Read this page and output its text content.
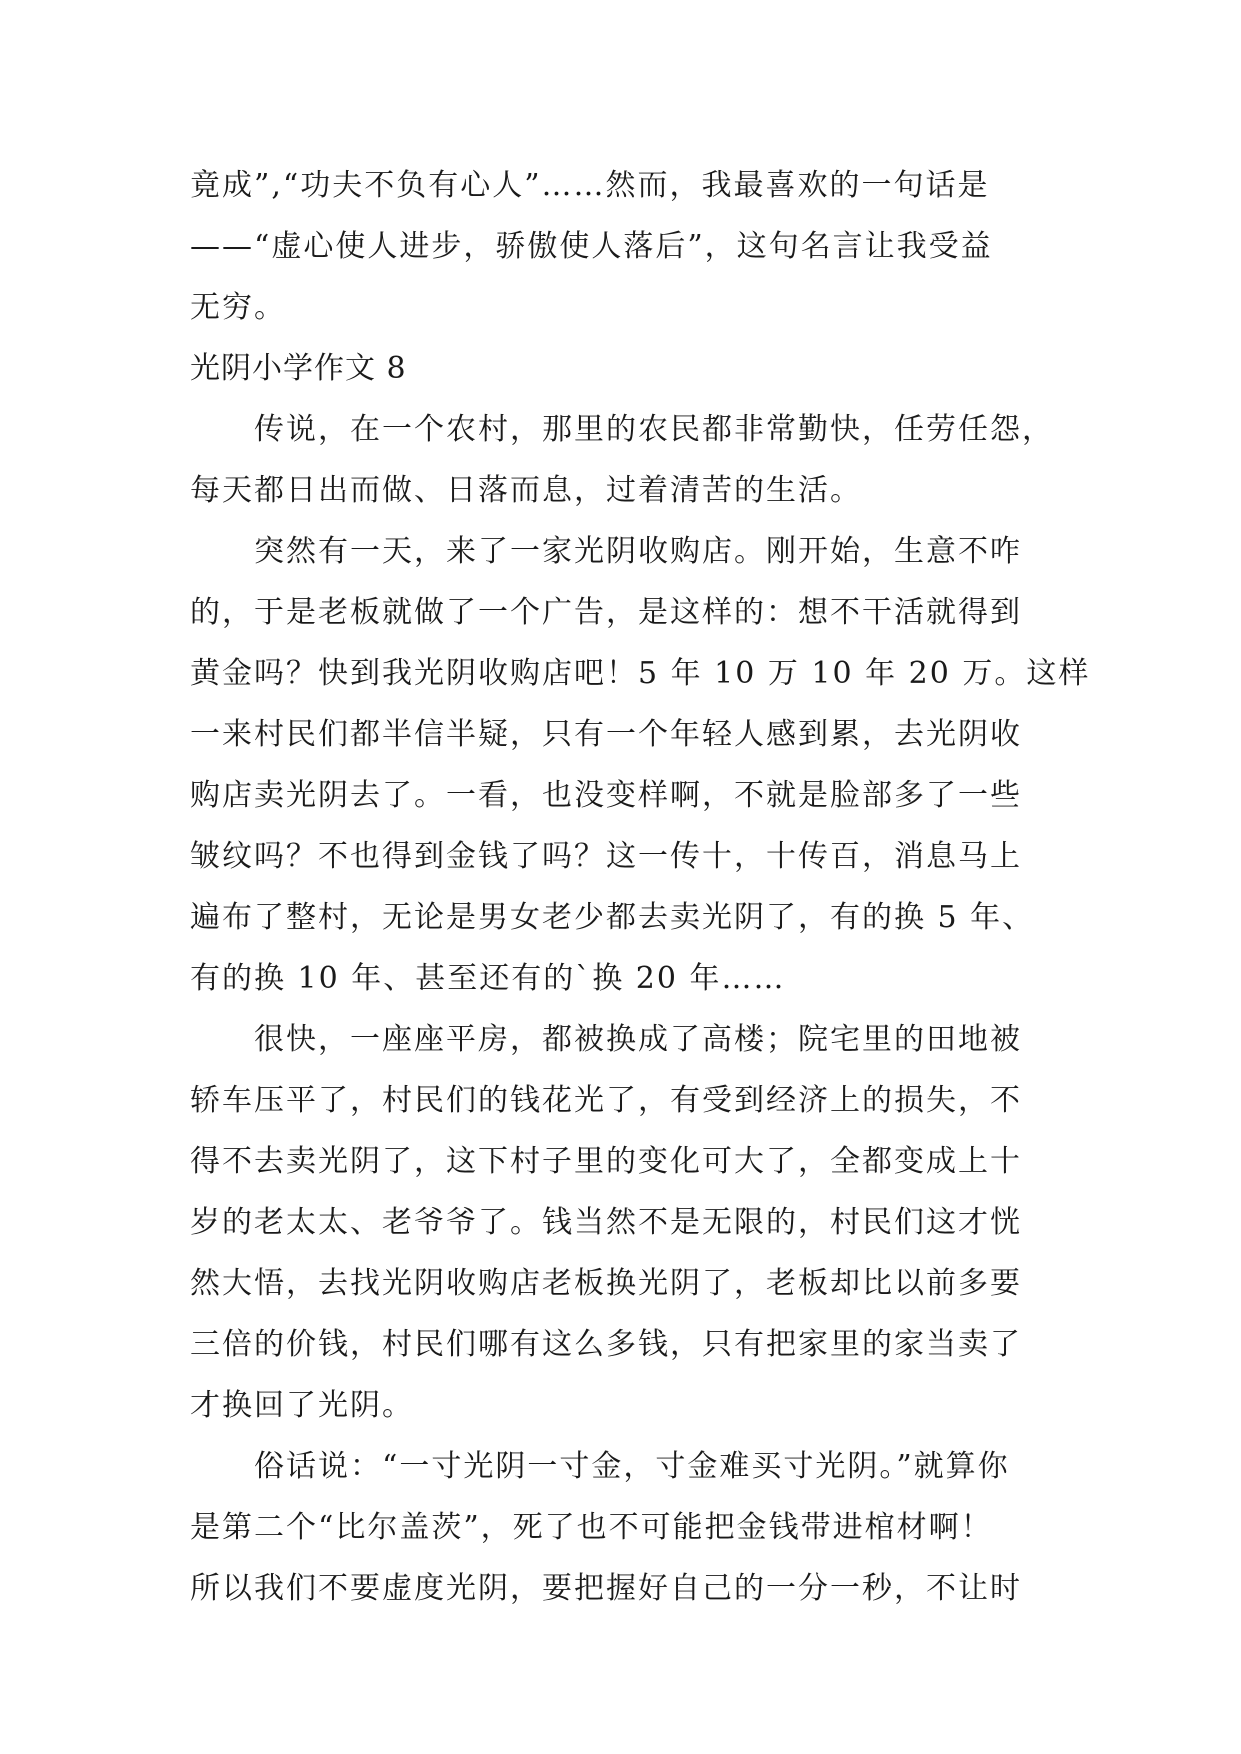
竟成”,“功夫不负有心人”……然而，我最喜欢的一句话是
——“虚心使人进步，骄傲使人落后”，这句名言让我受益
无穷。
光阴小学作文 8
传说，在一个农村，那里的农民都非常勤快，任劳任怨，
每天都日出而做、日落而息，过着清苦的生活。
突然有一天，来了一家光阴收购店。刚开始，生意不咋
的，于是老板就做了一个广告，是这样的：想不干活就得到
黄金吗？快到我光阴收购店吧！5 年 10 万 10 年 20 万。这样
一来村民们都半信半疑，只有一个年轻人感到累，去光阴收
购店卖光阴去了。一看，也没变样啊，不就是脸部多了一些
皱纹吗？不也得到金钱了吗？这一传十，十传百，消息马上
遍布了整村，无论是男女老少都去卖光阴了，有的换 5 年、
有的换 10 年、甚至还有的`换 20 年……
很快，一座座平房，都被换成了高楼；院宅里的田地被
轿车压平了，村民们的钱花光了，有受到经济上的损失，不
得不去卖光阴了，这下村子里的变化可大了，全都变成上十
岁的老太太、老爷爷了。钱当然不是无限的，村民们这才恍
然大悟，去找光阴收购店老板换光阴了，老板却比以前多要
三倍的价钱，村民们哪有这么多钱，只有把家里的家当卖了
才换回了光阴。
俗话说：“一寸光阴一寸金，寸金难买寸光阴。”就算你
是第二个“比尔盖茨”，死了也不可能把金钱带进棺材啊！
所以我们不要虚度光阴，要把握好自己的一分一秒，不让时
